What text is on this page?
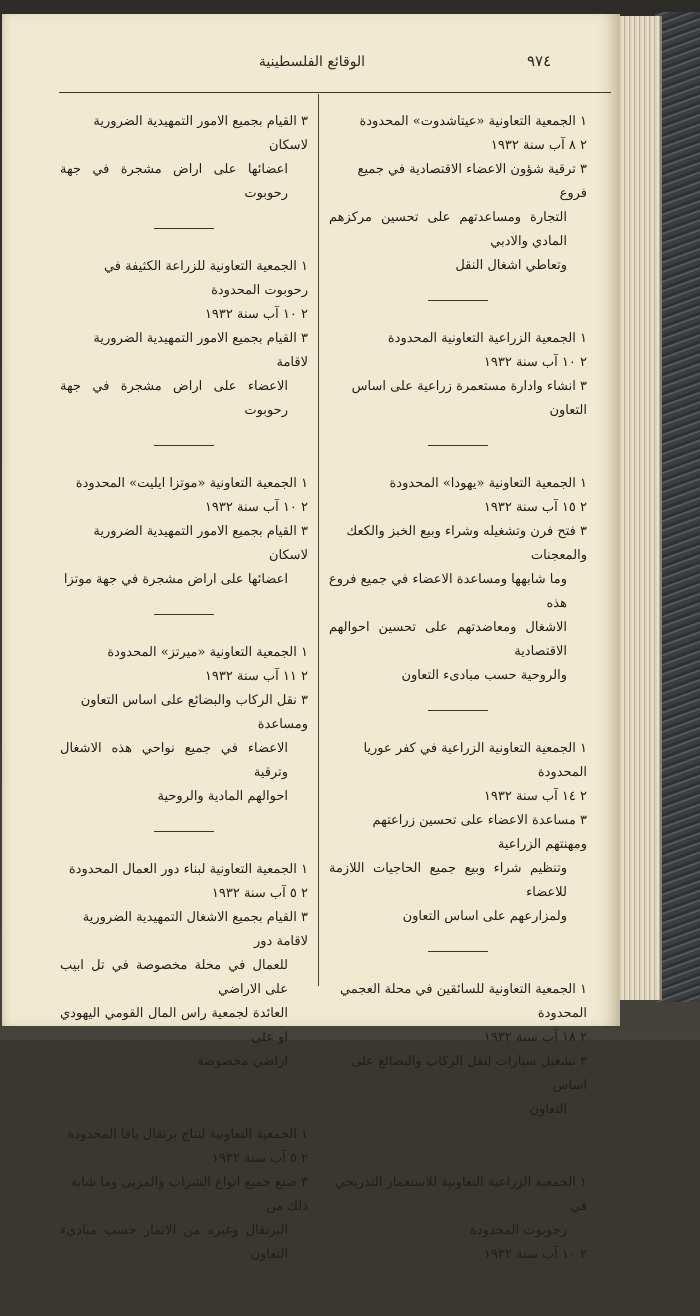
الوقائع الفلسطينية	٩٧٤
١ الجمعية التعاونية «عيتاشدوت» المحدودة
٢ ٨ آب سنة ١٩٣٢
٣ ترقية شؤون الاعضاء الاقتصادية في جميع فروع
التجارة ومساعدتهم على تحسين مركزهم المادي والادبي
وتعاطي اشغال النقل
١ الجمعية الزراعية التعاونية المحدودة
٢ ١٠ آب سنة ١٩٣٢
٣ انشاء وادارة مستعمرة زراعية على اساس التعاون
١ الجمعية التعاونية «يهودا» المحدودة
٢ ١٥ آب سنة ١٩٣٢
٣ فتح فرن وتشغيله وشراء وبيع الخبز والكعك والمعجنات
وما شابهها ومساعدة الاعضاء في جميع فروع هذه
الاشغال ومعاضدتهم على تحسين احوالهم الاقتصادية
والروحية حسب مبادىء التعاون
١ الجمعية التعاونية الزراعية في كفر عوريا المحدودة
٢ ١٤ آب سنة ١٩٣٢
٣ مساعدة الاعضاء على تحسين زراعتهم ومهنتهم الزراعية
وتنظيم شراء وبيع جميع الحاجيات اللازمة للاعضاء
ولمزارعهم على اساس التعاون
١ الجمعية التعاونية للسائقين في محلة العجمي المحدودة
٢ ١٨ آب سنة ١٩٣٢
٣ تشغيل سيارات لنقل الركاب والبضائع على اساس
التعاون
١ الجمعية الزراعية التعاونية للاستعمار التدريجي في
رحوبوت المحدودة
٢ ١٠ آب سنة ١٩٣٢
٣ القيام بجميع الامور التمهيدية الضرورية لاسكان
اعضائها على اراض مشجرة في جهة رحوبوت
١ الجمعية التعاونية للزراعة الكثيفة في رحوبوت المحدودة
٢ ١٠ آب سنة ١٩٣٢
٣ القيام بجميع الامور التمهيدية الضرورية لاقامة
الاعضاء على اراض مشجرة في جهة رحوبوت
١ الجمعية التعاونية «موتزا ايليت» المحدودة
٢ ١٠ آب سنة ١٩٣٢
٣ القيام بجميع الامور التمهيدية الضرورية لاسكان
اعضائها على اراض مشجرة في جهة موتزا
١ الجمعية التعاونية «ميرتز» المحدودة
٢ ١١ آب سنة ١٩٣٢
٣ نقل الركاب والبضائع على اساس التعاون ومساعدة
الاعضاء في جميع نواحي هذه الاشغال وترقية
احوالهم المادية والروحية
١ الجمعية التعاونية لبناء دور العمال المحدودة
٢ ٥ آب سنة ١٩٣٢
٣ القيام بجميع الاشغال التمهيدية الضرورية لاقامة دور
للعمال في محلة مخصوصة في تل ابيب على الاراضي
العائدة لجمعية راس المال القومي اليهودي او على
اراضي مخصوصة
١ الجمعية التعاونية لنتاج برتقال يافا المحدودة
٢ ٥ آب سنة ١٩٣٢
٣ صنع جميع انواع الشراب والمربى وما شابه ذلك من
البرتقال وغيره من الاثمار حسب مبادىء التعاون
